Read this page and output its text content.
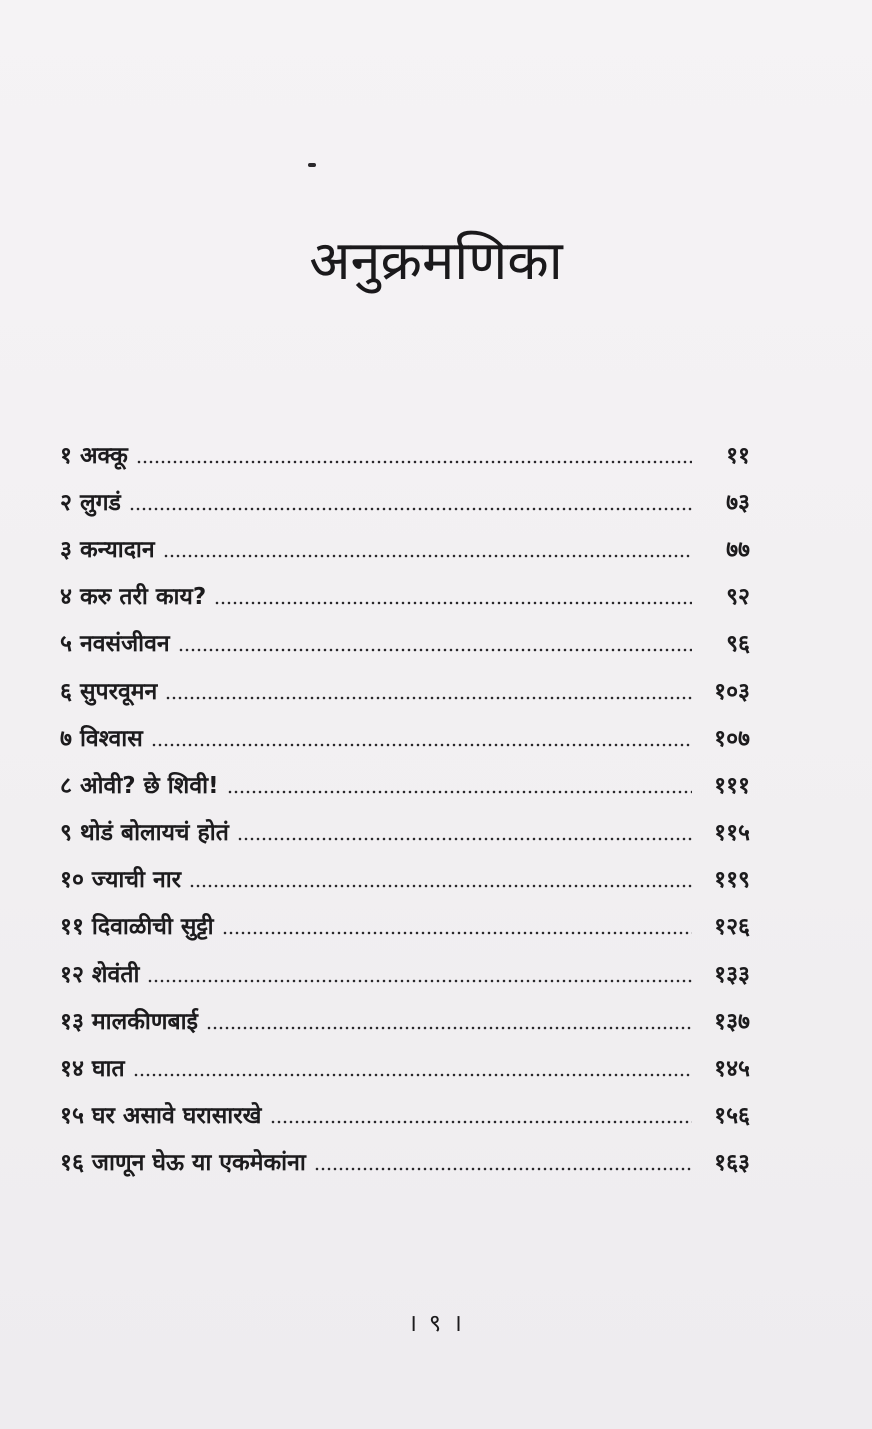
अनुक्रमणिका
१ अक्कू	११
२ लुगडं	७३
३ कन्यादान	७७
४ करु तरी काय?	९२
५ नवसंजीवन	९६
६ सुपरवूमन	१०३
७ विश्वास	१०७
८ ओवी? छे शिवी!	१११
९ थोडं बोलायचं होतं	११५
१० ज्याची नार	११९
११ दिवाळीची सुट्टी	१२६
१२ शेवंती	१३३
१३ मालकीणबाई	१३७
१४ घात	१४५
१५ घर असावे घरासारखे	१५६
१६ जाणून घेऊ या एकमेकांना	१६३
। ९ ।
